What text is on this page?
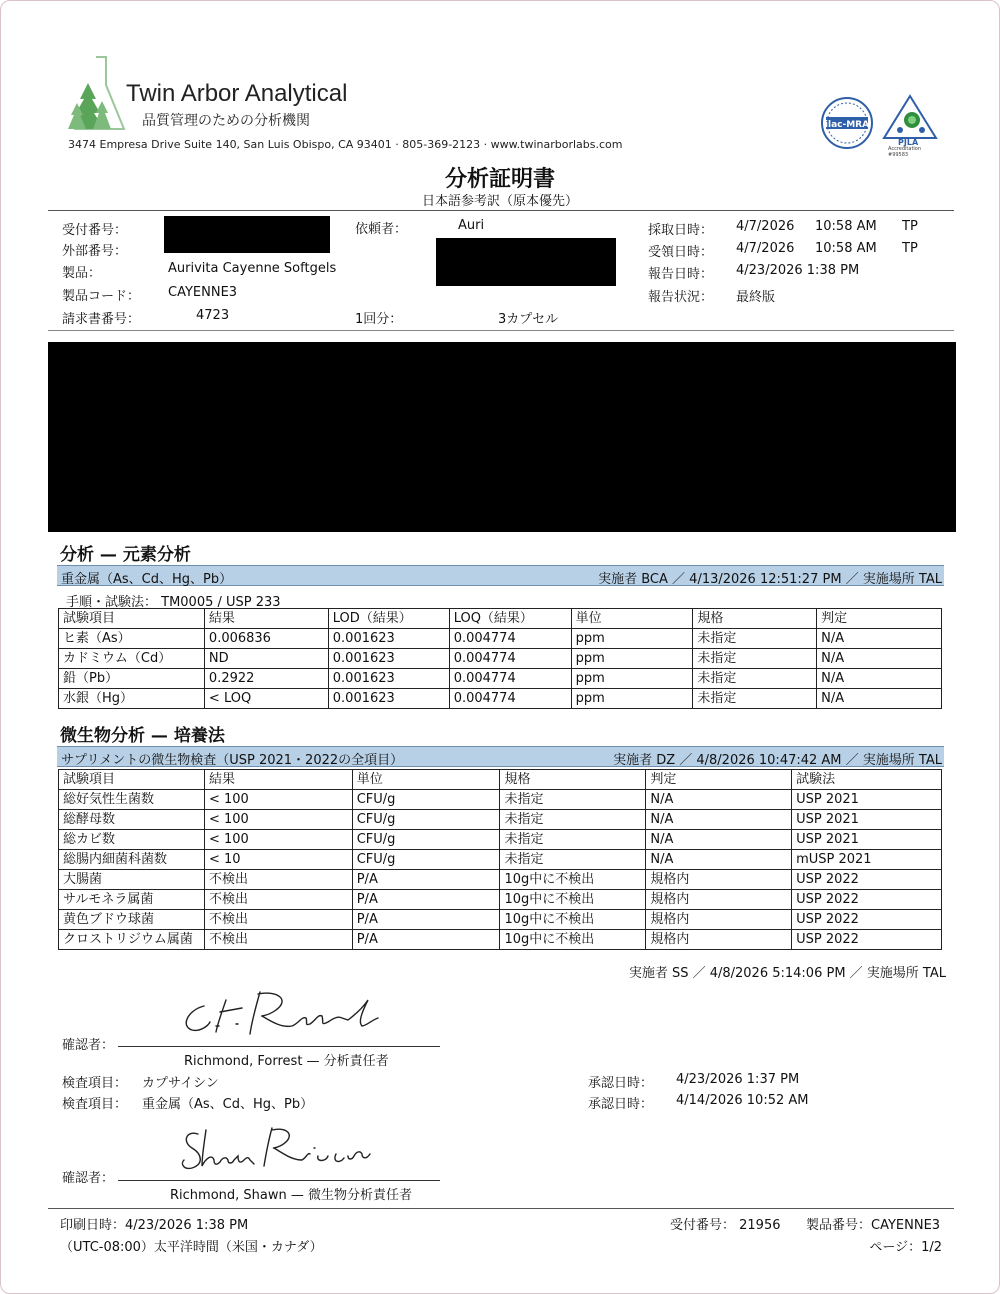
Twin Arbor Analytical
品質管理のための分析機関
3474 Empresa Drive Suite 140, San Luis Obispo, CA 93401 · 805-369-2123 · www.twinarborlabs.com
ilac-MRA
PJLA
Accreditation #99583
分析証明書
日本語参考訳（原本優先）
受付番号：
外部番号：
製品：	Aurivita Cayenne Softgels
製品コード： CAYENNE3
請求書番号：	4723
依頼者：	Auri
1回分：	3カプセル
採取日時： 4/7/2026 10:58 AM TP
受領日時： 4/7/2026 10:58 AM TP
報告日時： 4/23/2026 1:38 PM
報告状況： 最終版
分析 — 元素分析
重金属（As、Cd、Hg、Pb）	実施者 BCA ／ 4/13/2026 12:51:27 PM ／ 実施場所 TAL
手順・試験法： TM0005 / USP 233
試験項目	結果	LOD（結果）	LOQ（結果）	単位	規格	判定
ヒ素（As）	0.006836	0.001623	0.004774	ppm	未指定	N/A
カドミウム（Cd）	ND	0.001623	0.004774	ppm	未指定	N/A
鉛（Pb）	0.2922	0.001623	0.004774	ppm	未指定	N/A
水銀（Hg）	< LOQ	0.001623	0.004774	ppm	未指定	N/A
微生物分析 — 培養法
サプリメントの微生物検査（USP 2021・2022の全項目）	実施者 DZ ／ 4/8/2026 10:47:42 AM ／ 実施場所 TAL
試験項目	結果	単位	規格	判定	試験法
総好気性生菌数	< 100	CFU/g	未指定	N/A	USP 2021
総酵母数	< 100	CFU/g	未指定	N/A	USP 2021
総カビ数	< 100	CFU/g	未指定	N/A	USP 2021
総腸内細菌科菌数	< 10	CFU/g	未指定	N/A	mUSP 2021
大腸菌	不検出	P/A	10g中に不検出	規格内	USP 2022
サルモネラ属菌	不検出	P/A	10g中に不検出	規格内	USP 2022
黄色ブドウ球菌	不検出	P/A	10g中に不検出	規格内	USP 2022
クロストリジウム属菌	不検出	P/A	10g中に不検出	規格内	USP 2022
実施者 SS ／ 4/8/2026 5:14:06 PM ／ 実施場所 TAL
確認者：
Richmond, Forrest — 分析責任者
検査項目： カプサイシン
検査項目： 重金属（As、Cd、Hg、Pb）
承認日時： 4/23/2026 1:37 PM
承認日時： 4/14/2026 10:52 AM
確認者：
Richmond, Shawn — 微生物分析責任者
印刷日時：4/23/2026 1:38 PM
（UTC-08:00）太平洋時間（米国・カナダ）
受付番号： 21956 製品番号：CAYENNE3
ページ：1/2
